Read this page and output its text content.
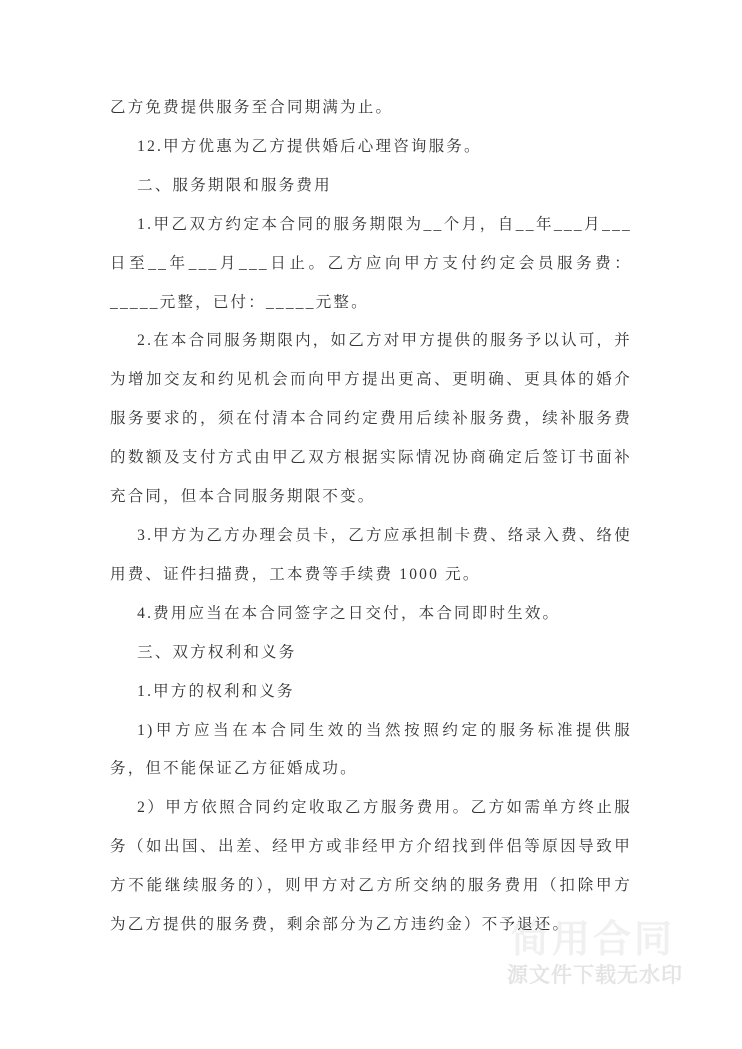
简用合同
源文件下载无水印

乙方免费提供服务至合同期满为止。

12.甲方优惠为乙方提供婚后心理咨询服务。

二、服务期限和服务费用

1.甲乙双方约定本合同的服务期限为__个月，自__年___月___日至__年___月___日止。乙方应向甲方支付约定会员服务费：_____元整，已付：_____元整。

2.在本合同服务期限内，如乙方对甲方提供的服务予以认可，并为增加交友和约见机会而向甲方提出更高、更明确、更具体的婚介服务要求的，须在付清本合同约定费用后续补服务费，续补服务费的数额及支付方式由甲乙双方根据实际情况协商确定后签订书面补充合同，但本合同服务期限不变。

3.甲方为乙方办理会员卡，乙方应承担制卡费、络录入费、络使用费、证件扫描费，工本费等手续费 1000 元。

4.费用应当在本合同签字之日交付，本合同即时生效。

三、双方权利和义务

1.甲方的权利和义务

1)甲方应当在本合同生效的当然按照约定的服务标准提供服务，但不能保证乙方征婚成功。

2）甲方依照合同约定收取乙方服务费用。乙方如需单方终止服务（如出国、出差、经甲方或非经甲方介绍找到伴侣等原因导致甲方不能继续服务的），则甲方对乙方所交纳的服务费用（扣除甲方为乙方提供的服务费，剩余部分为乙方违约金）不予退还。
